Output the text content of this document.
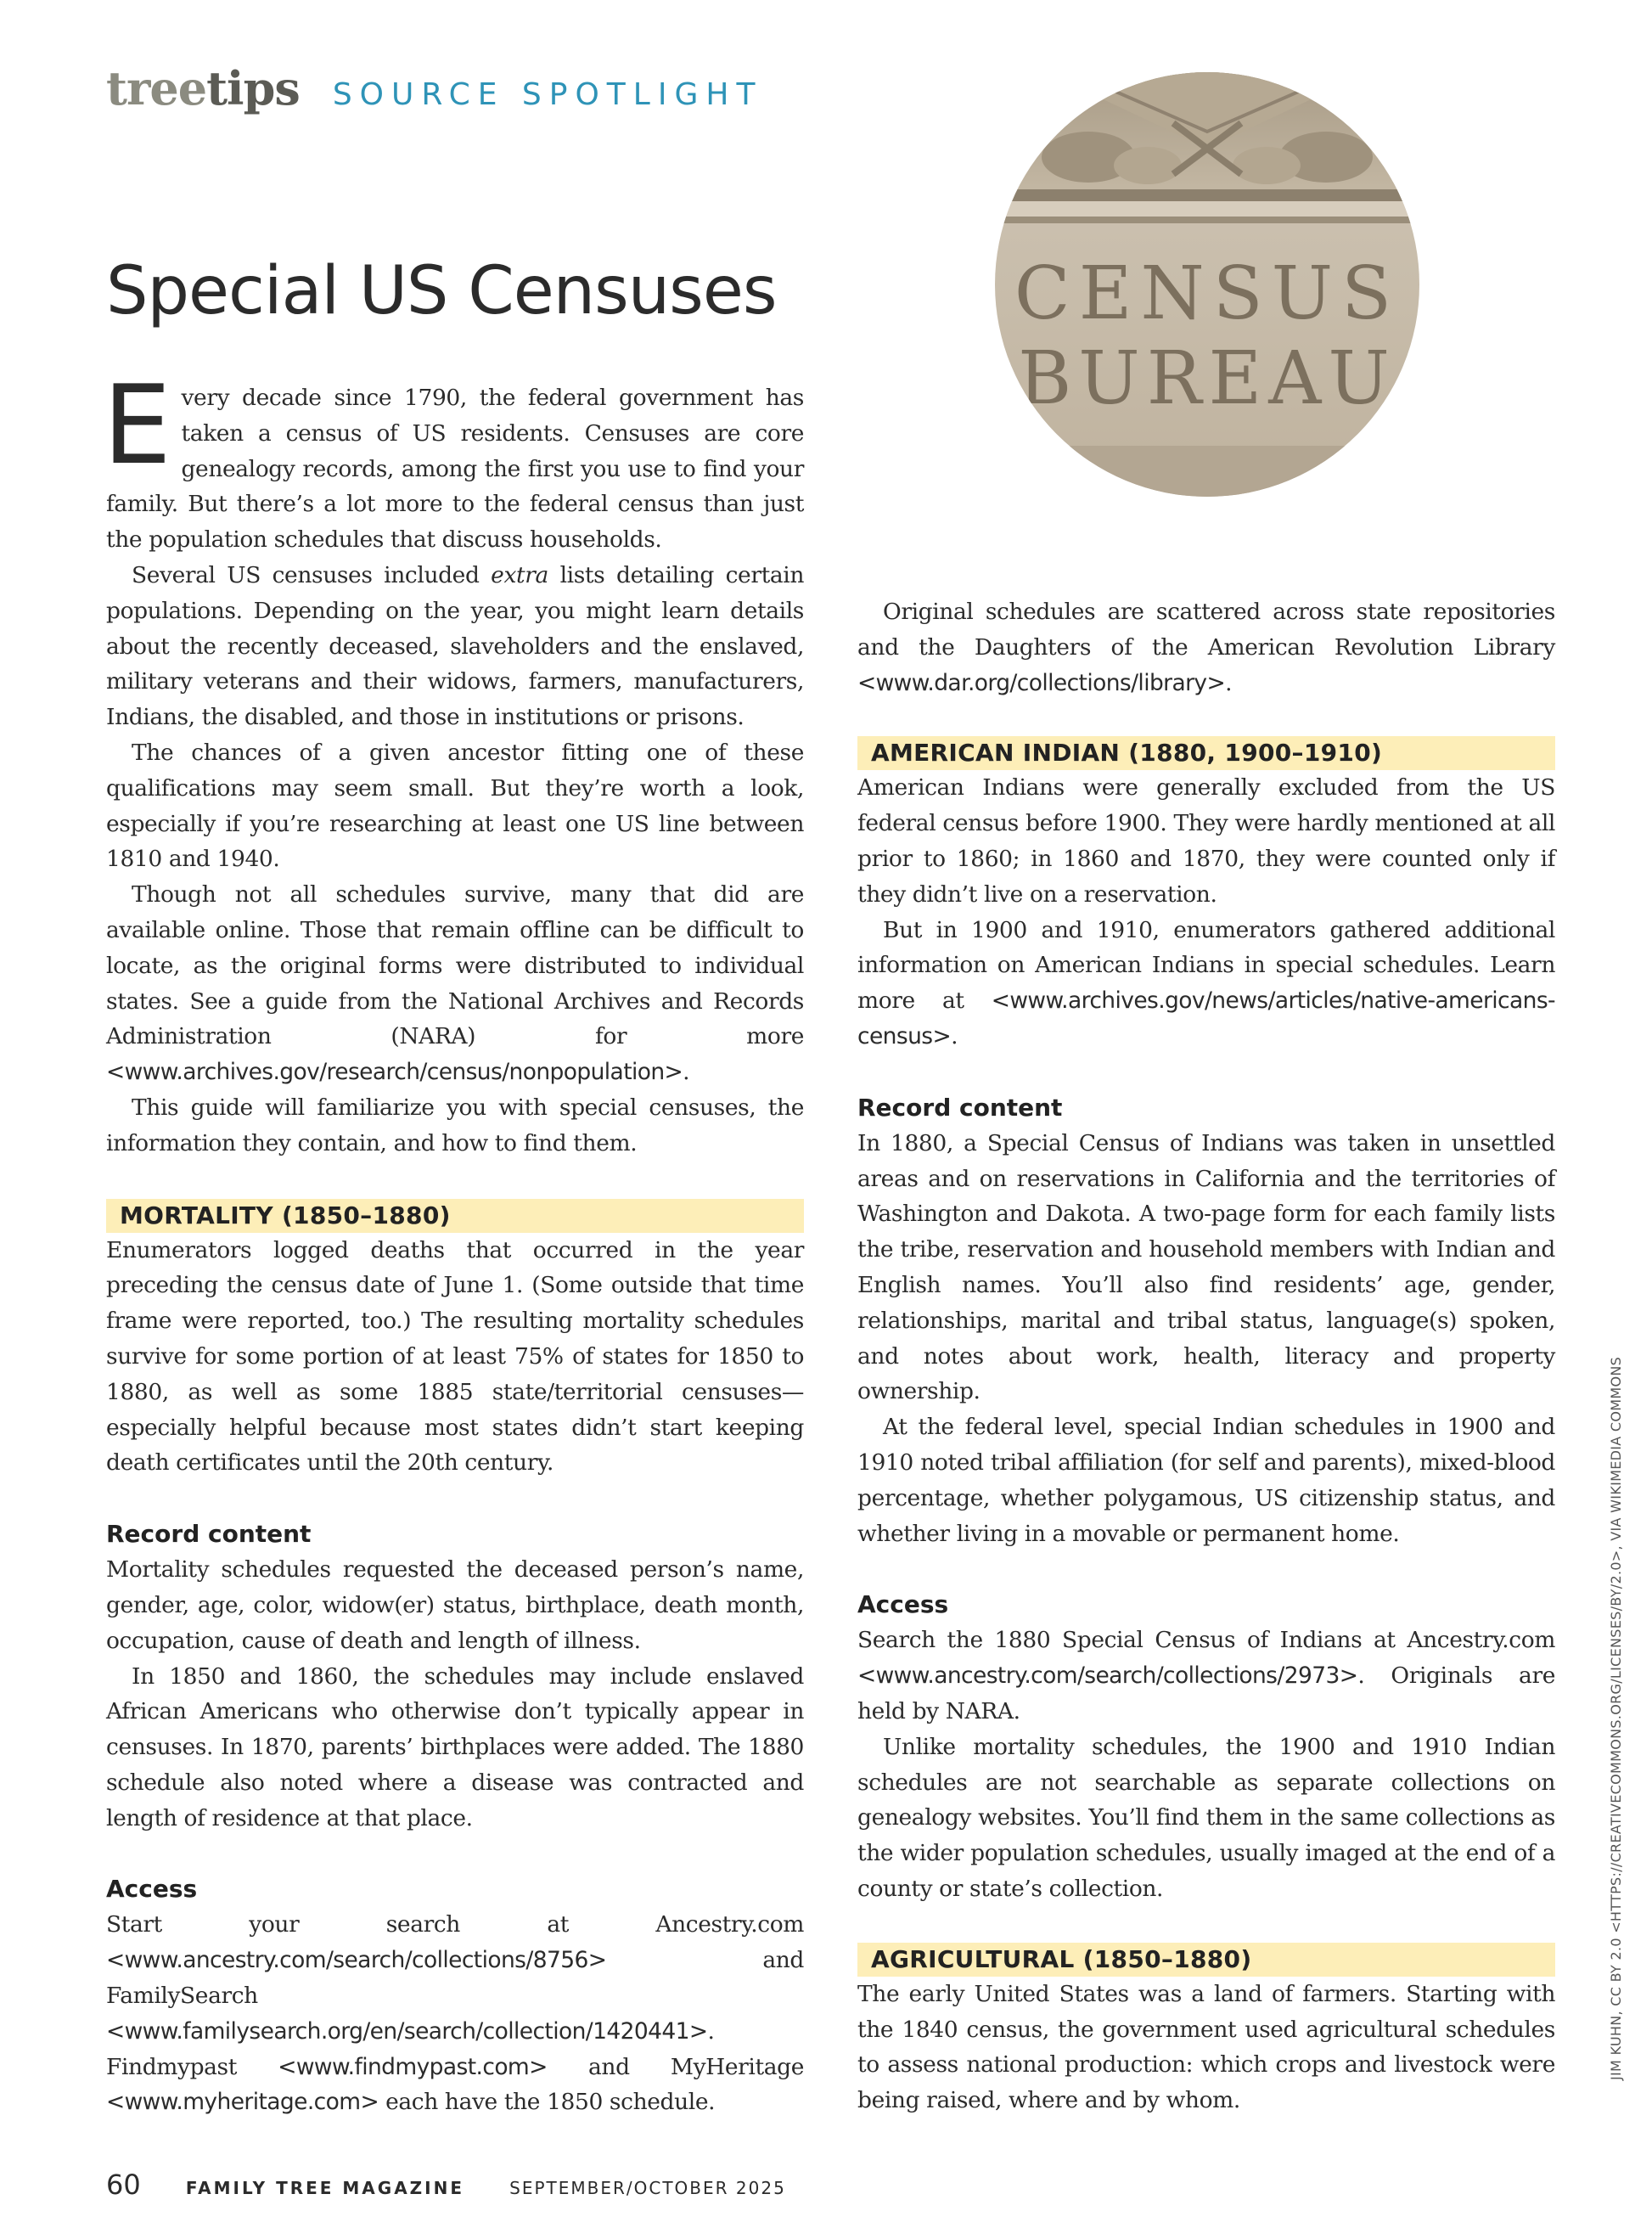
treetips SOURCE SPOTLIGHT
Special US Censuses	CENSUS
BUREAU

Every decade since 1790, the federal government has taken a census of US residents. Censuses are core genealogy records, among the first you use to find your family. But there’s a lot more to the federal census than just the population schedules that discuss households.

Several US censuses included extra lists detailing certain populations. Depending on the year, you might learn details about the recently deceased, slaveholders and the enslaved, military veterans and their widows, farmers, manufacturers, Indians, the disabled, and those in institutions or prisons.

The chances of a given ancestor fitting one of these qualifications may seem small. But they’re worth a look, especially if you’re researching at least one US line between 1810 and 1940.

Though not all schedules survive, many that did are available online. Those that remain offline can be difficult to locate, as the original forms were distributed to individual states. See a guide from the National Archives and Records Administration (NARA) for more <www.archives.gov/research/census/nonpopulation>.

This guide will familiarize you with special censuses, the information they contain, and how to find them.

MORTALITY (1850–1880)

Enumerators logged deaths that occurred in the year preceding the census date of June 1. (Some outside that time frame were reported, too.) The resulting mortality schedules survive for some portion of at least 75% of states for 1850 to 1880, as well as some 1885 state/territorial censuses—especially helpful because most states didn’t start keeping death certificates until the 20th century.

Record content

Mortality schedules requested the deceased person’s name, gender, age, color, widow(er) status, birthplace, death month, occupation, cause of death and length of illness.

In 1850 and 1860, the schedules may include enslaved African Americans who otherwise don’t typically appear in censuses. In 1870, parents’ birthplaces were added. The 1880 schedule also noted where a disease was contracted and length of residence at that place.

Access

Start your search at Ancestry.com <www.ancestry.com/search/collections/8756> and FamilySearch <www.familysearch.org/en/search/collection/1420441>. Findmypast <www.findmypast.com> and MyHeritage <www.myheritage.com> each have the 1850 schedule.

Original schedules are scattered across state repositories and the Daughters of the American Revolution Library <www.dar.org/collections/library>.

AMERICAN INDIAN (1880, 1900–1910)

American Indians were generally excluded from the US federal census before 1900. They were hardly mentioned at all prior to 1860; in 1860 and 1870, they were counted only if they didn’t live on a reservation.

But in 1900 and 1910, enumerators gathered additional information on American Indians in special schedules. Learn more at <www.archives.gov/news/articles/native-americans-census>.

Record content

In 1880, a Special Census of Indians was taken in unsettled areas and on reservations in California and the territories of Washington and Dakota. A two-page form for each family lists the tribe, reservation and household members with Indian and English names. You’ll also find residents’ age, gender, relationships, marital and tribal status, language(s) spoken, and notes about work, health, literacy and property ownership.

At the federal level, special Indian schedules in 1900 and 1910 noted tribal affiliation (for self and parents), mixed-blood percentage, whether polygamous, US citizenship status, and whether living in a movable or permanent home.

Access

Search the 1880 Special Census of Indians at Ancestry.com <www.ancestry.com/search/collections/2973>. Originals are held by NARA.

Unlike mortality schedules, the 1900 and 1910 Indian schedules are not searchable as separate collections on genealogy websites. You’ll find them in the same collections as the wider population schedules, usually imaged at the end of a county or state’s collection.

AGRICULTURAL (1850–1880)

The early United States was a land of farmers. Starting with the 1840 census, the government used agricultural schedules to assess national production: which crops and livestock were being raised, where and by whom.

60	FAMILY TREE MAGAZINE	SEPTEMBER/OCTOBER 2025
JIM KUHN, CC BY 2.0 <HTTPS://CREATIVECOMMONS.ORG/LICENSES/BY/2.0>, VIA WIKIMEDIA COMMONS
